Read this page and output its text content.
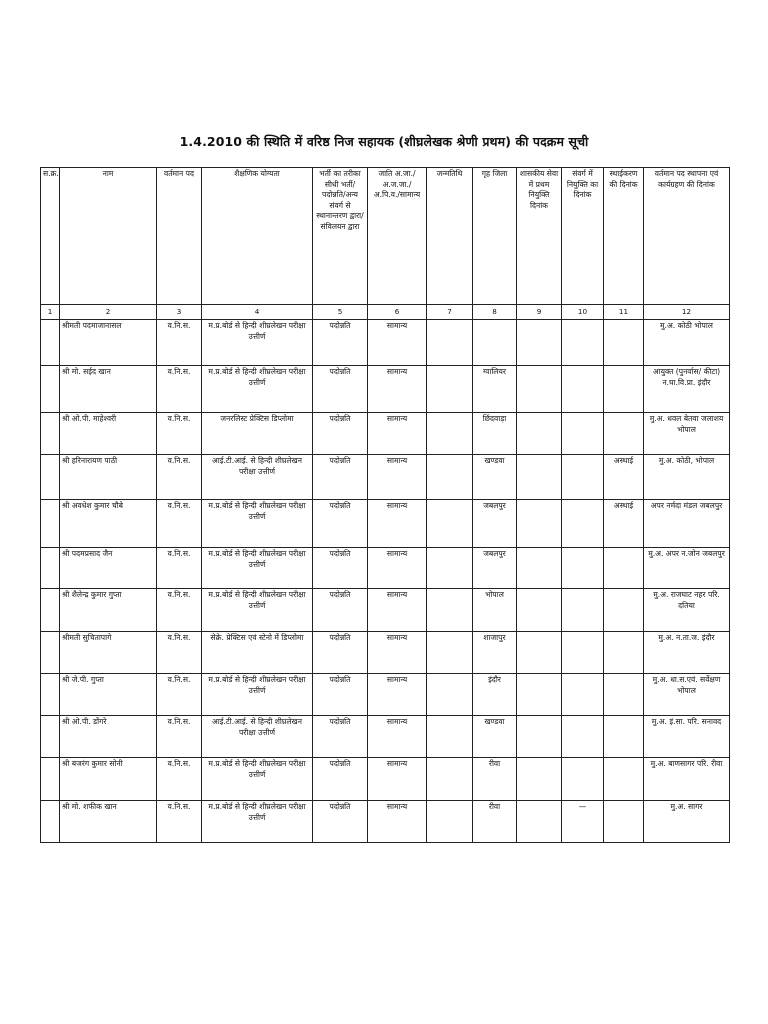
1.4.2010 की स्थिति में वरिष्ठ निज सहायक (शीघ्रलेखक श्रेणी प्रथम) की पदक्रम सूची
स.क्र.	नाम	वर्तमान पद	शैक्षणिक योग्यता	भर्ती का तरीका सीधी भर्ती/पदोन्नति/अन्य संवर्ग से स्थानान्तरण द्वारा/संविलयन द्वारा	जाति अ.जा./अ.ज.जा./अ.पि.व./सामान्य	जन्मतिथि	गृह जिला	शासकीय सेवा में प्रथम नियुक्ति दिनांक	संवर्ग में नियुक्ति का दिनांक	स्थाईकरण की दिनांक	वर्तमान पद स्थापना एवं कार्यग्रहण की दिनांक
1	2	3	4	5	6	7	8	9	10	11	12
	श्रीमती पदमाजानासल	व.नि.स.	म.प्र.बोर्ड से हिन्दी शीघ्रलेखन परीक्षा उत्तीर्ण	पदोन्नति	सामान्य						मु.अ. कोठी भोपाल
	श्री मो. सईद खान	व.नि.स.	म.प्र.बोर्ड से हिन्दी शीघ्रलेखन परीक्षा उत्तीर्ण	पदोन्नति	सामान्य		ग्वालियर				आयुक्त (पुनर्वास/ कीटा) न.घा.वि.प्रा. इंदौर
	श्री ओ.पी. माहेश्वरी	व.नि.स.	जनरलिस्ट प्रेक्टिस डिप्लोमा	पदोन्नति	सामान्य		छिंदवाड़ा				मु.अ. धवल बेतवा जलाशय भोपाल
	श्री हरिनारायण पाठी	व.नि.स.	आई.टी.आई. से हिन्दी शीघ्रलेखन परीक्षा उत्तीर्ण	पदोन्नति	सामान्य		खण्डवा			अस्थाई	मु.अ. कोठी, भोपाल
	श्री अवधेश कुमार चौबे	व.नि.स.	म.प्र.बोर्ड से हिन्दी शीघ्रलेखन परीक्षा उत्तीर्ण	पदोन्नति	सामान्य		जबलपुर			अस्थाई	अपर नर्मदा मंडल जबलपुर
	श्री पदमप्रसाद जैन	व.नि.स.	म.प्र.बोर्ड से हिन्दी शीघ्रलेखन परीक्षा उत्तीर्ण	पदोन्नति	सामान्य		जबलपुर				मु.अ. अपर न.जोन जबलपुर
	श्री शैलेन्द्र कुमार गुप्ता	व.नि.स.	म.प्र.बोर्ड से हिन्दी शीघ्रलेखन परीक्षा उत्तीर्ण	पदोन्नति	सामान्य		भोपाल				मु.अ. राजघाट नहर परि. दतिया
	श्रीमती सुचितापागे	व.नि.स.	सेक्रे. प्रेक्टिस एवं स्टेनो में डिप्लोमा	पदोन्नति	सामान्य		शाजापुर				मु.अ. न.ता.ज. इंदौर
	श्री जे.पी. गुप्ता	व.नि.स.	म.प्र.बोर्ड से हिन्दी शीघ्रलेखन परीक्षा उत्तीर्ण	पदोन्नति	सामान्य		इंदौर				मु.अ. धा.स.एवं. सर्वेक्षण भोपाल
	श्री ओ.पी. डोंगरे	व.नि.स.	आई.टी.आई. से हिन्दी शीघ्रलेखन परीक्षा उत्तीर्ण	पदोन्नति	सामान्य		खण्डवा				मु.अ. इं.सा. परि. सनावद
	श्री बजरंग कुमार सोनी	व.नि.स.	म.प्र.बोर्ड से हिन्दी शीघ्रलेखन परीक्षा उत्तीर्ण	पदोन्नति	सामान्य		रीवा				मु.अ. बाणसागर परि. रीवा
	श्री मो. शफीक खान	व.नि.स.	म.प्र.बोर्ड से हिन्दी शीघ्रलेखन परीक्षा उत्तीर्ण	पदोन्नति	सामान्य		रीवा		—		मु.अ. सागर
